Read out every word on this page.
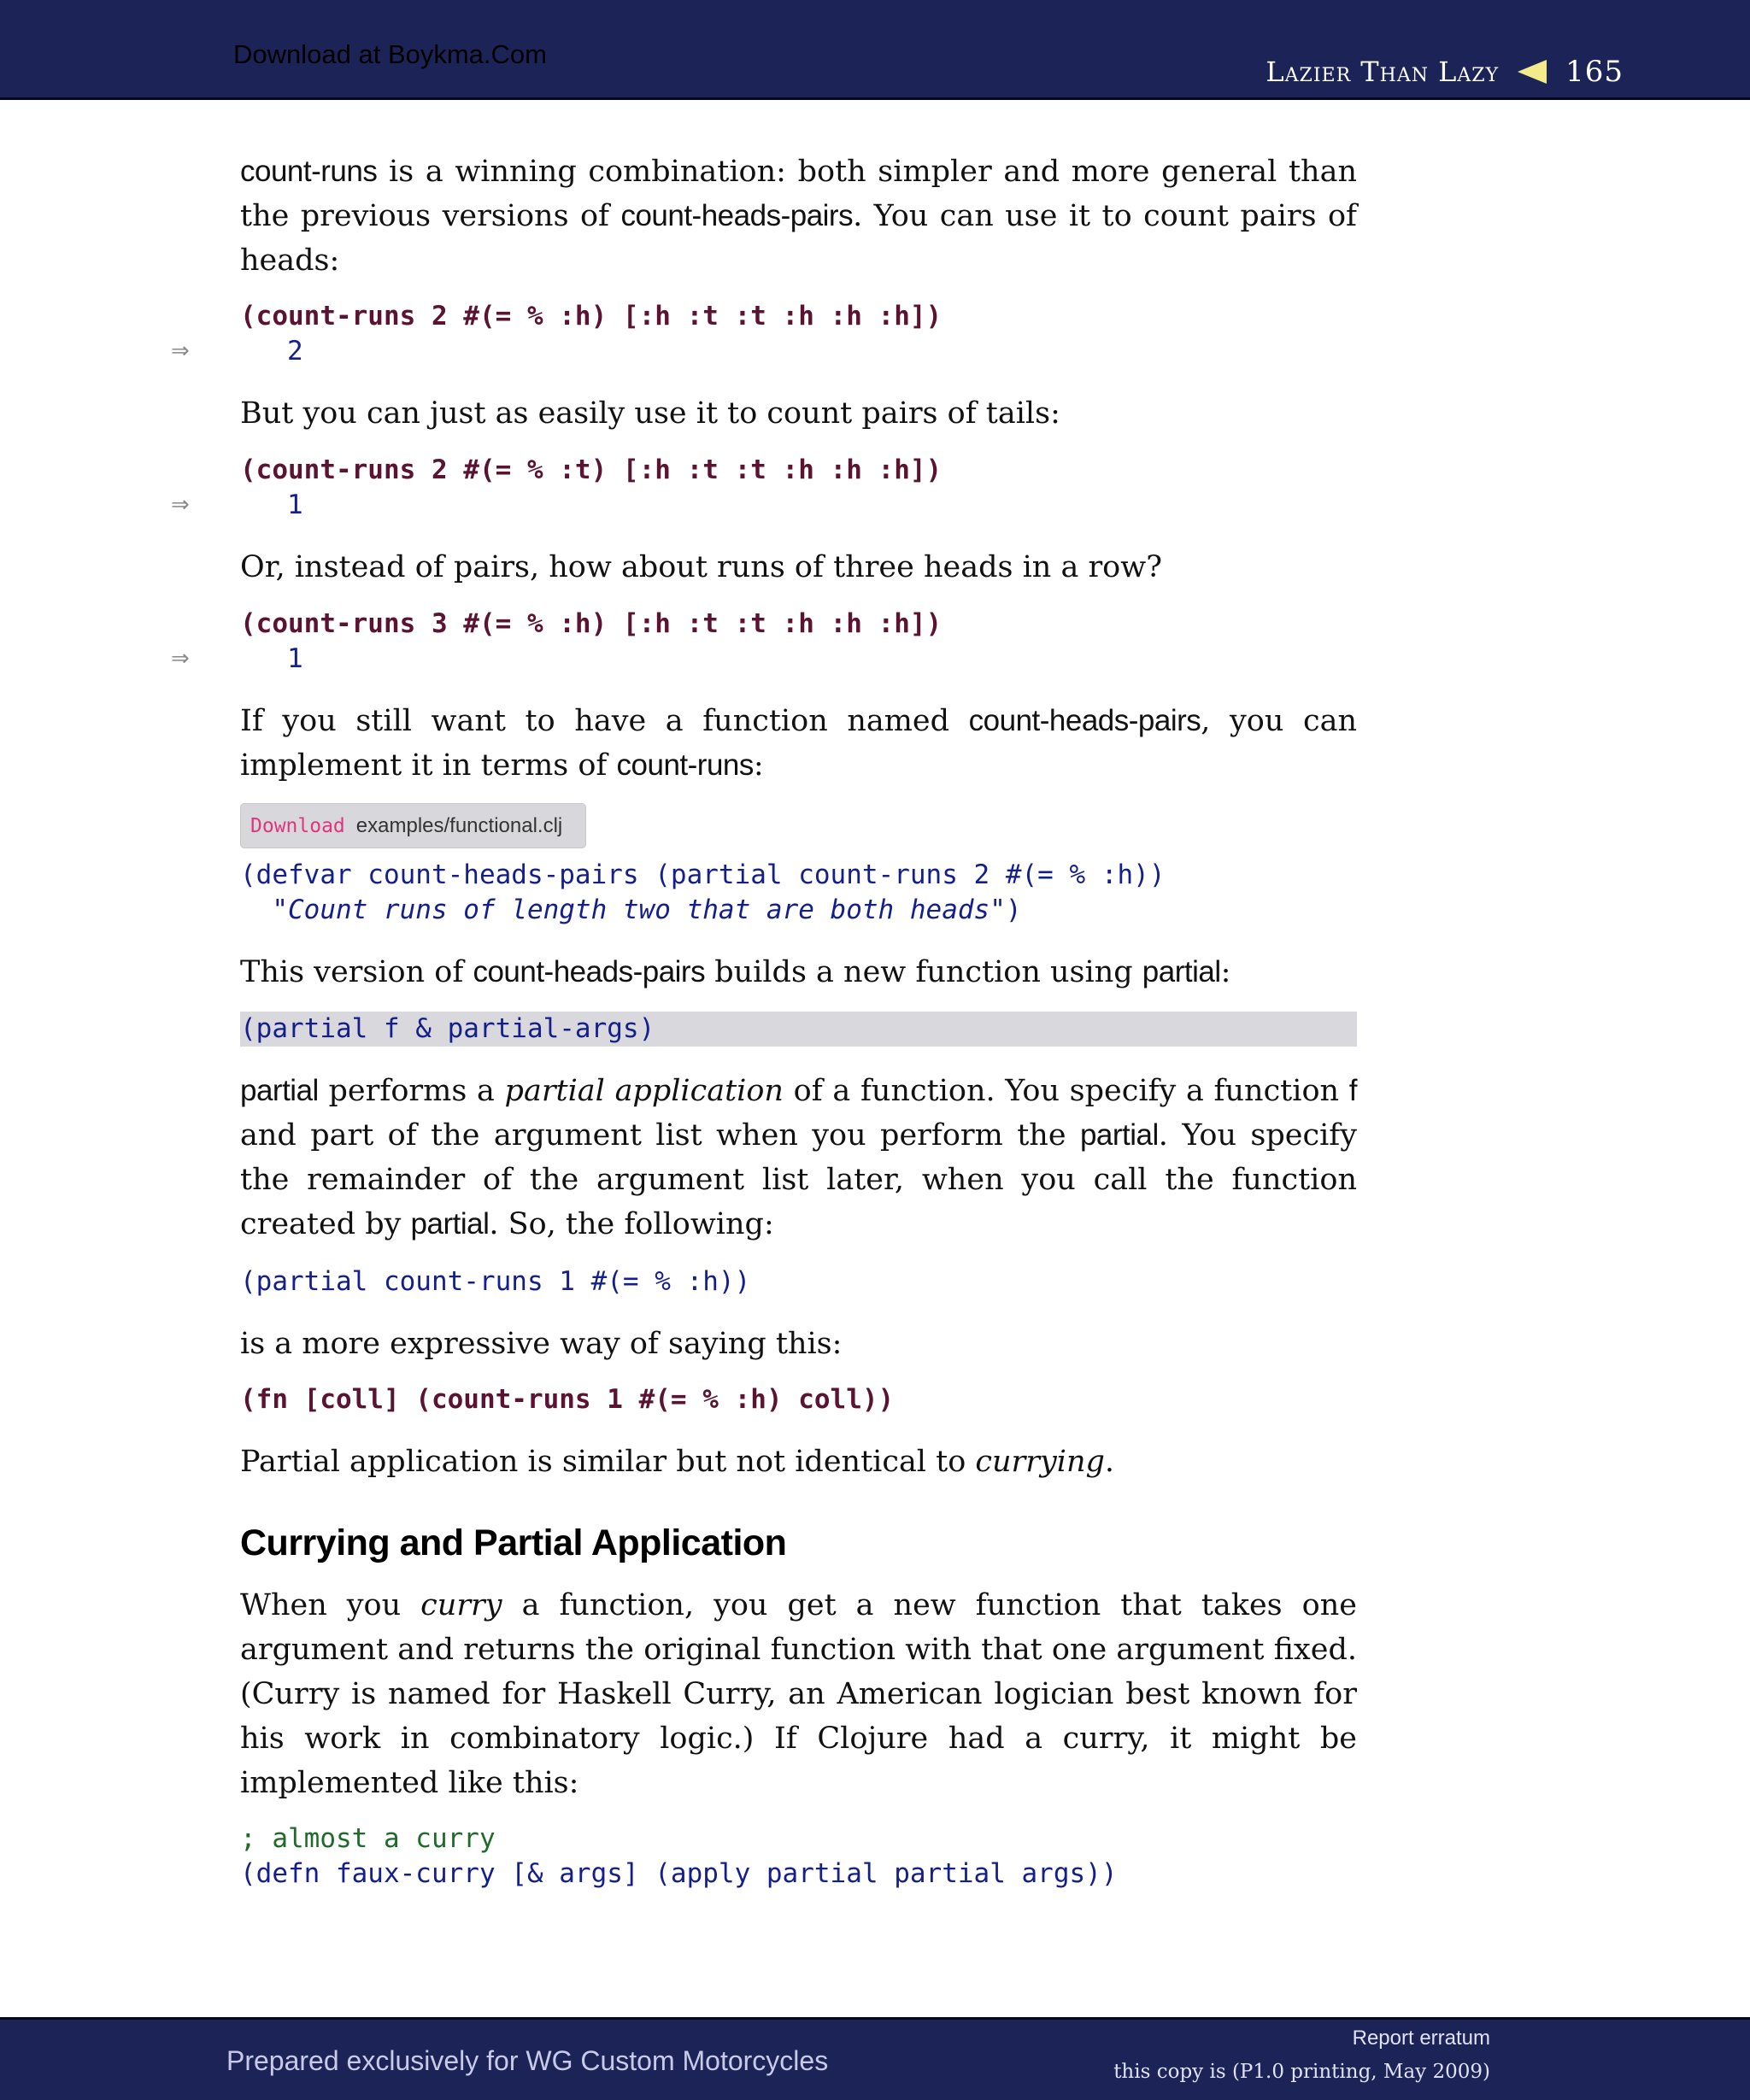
Download at Boykma.Com
Lazier Than Lazy 165

count-runs is a winning combination: both simpler and more general than the previous versions of count-heads-pairs. You can use it to count pairs of heads:

(count-runs 2 #(= % :h) [:h :t :t :h :h :h])
⇒	2

But you can just as easily use it to count pairs of tails:

(count-runs 2 #(= % :t) [:h :t :t :h :h :h])
⇒	1

Or, instead of pairs, how about runs of three heads in a row?

(count-runs 3 #(= % :h) [:h :t :t :h :h :h])
⇒	1

If you still want to have a function named count-heads-pairs, you can implement it in terms of count-runs:

Download examples/functional.clj
(defvar count-heads-pairs (partial count-runs 2 #(= % :h))
"Count runs of length two that are both heads")

This version of count-heads-pairs builds a new function using partial:

(partial f & partial-args)

partial performs a partial application of a function. You specify a function f and part of the argument list when you perform the partial. You specify the remainder of the argument list later, when you call the function created by partial. So, the following:

(partial count-runs 1 #(= % :h))

is a more expressive way of saying this:

(fn [coll] (count-runs 1 #(= % :h) coll))

Partial application is similar but not identical to currying.

Currying and Partial Application

When you curry a function, you get a new function that takes one argument and returns the original function with that one argument fixed. (Curry is named for Haskell Curry, an American logician best known for his work in combinatory logic.) If Clojure had a curry, it might be implemented like this:

; almost a curry
(defn faux-curry [& args] (apply partial partial args))
Prepared exclusively for WG Custom Motorcycles
Report erratum
this copy is (P1.0 printing, May 2009)
